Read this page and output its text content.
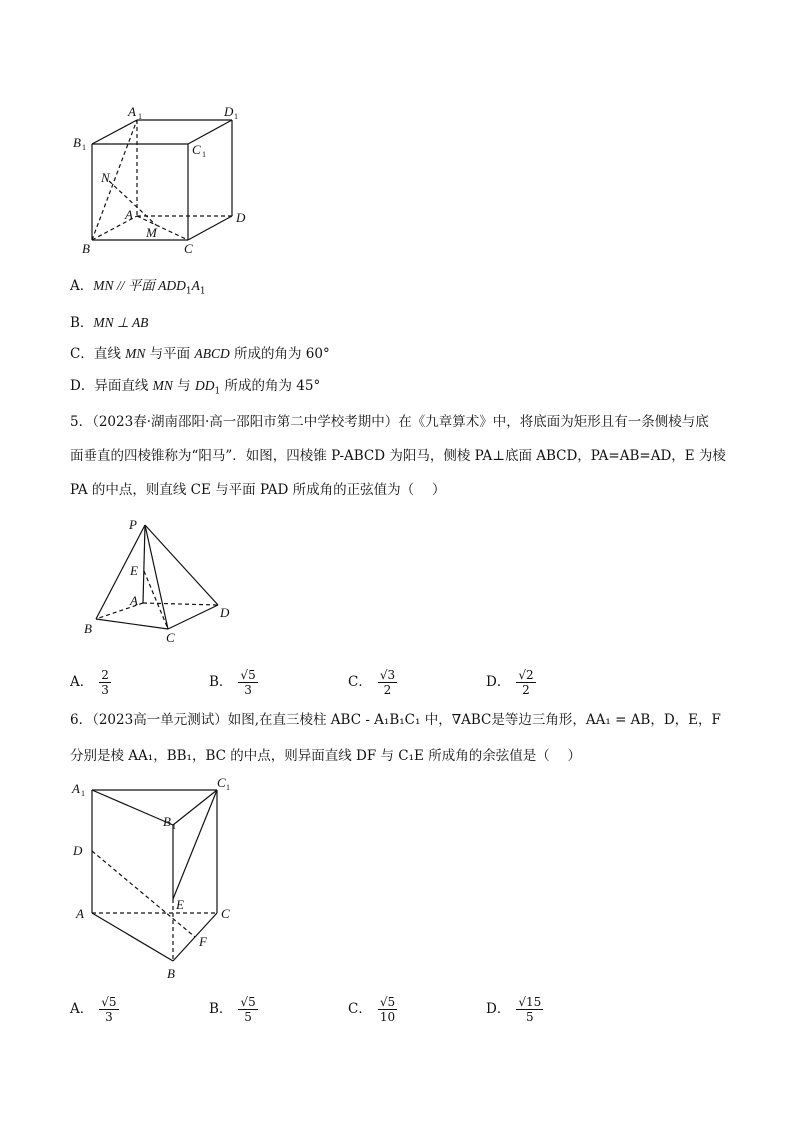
A 1	D 1
B 1	C 1
N
A	D
B
M
C
A．MN // 平面 $ADD_1A_1$
B．MN ⊥ AB
C．直线 MN 与平面 ABCD 所成的角为 60°
D．异面直线 MN 与 $DD_1$ 所成的角为 45°
5．（2023春·湖南邵阳·高一邵阳市第二中学校考期中）在《九章算术》中，将底面为矩形且有一条侧棱与底
面垂直的四棱锥称为“阳马”．如图，四棱锥 P-ABCD 为阳马，侧棱 PA⊥底面 ABCD，PA=AB=AD，E 为棱
PA 的中点，则直线 CE 与平面 PAD 所成角的正弦值为（　 ）
P
E
A
D
B
C
A． $\frac{2}{3}$	B． $\frac{√5}{3}$	C． $\frac{√3}{2}$	D． $\frac{√2}{2}$
6．（2023高一单元测试）如图,在直三棱柱 ABC - A₁B₁C₁ 中，∇ABC是等边三角形，AA₁ = AB，D，E，F
分别是棱 AA₁，BB₁，BC 的中点，则异面直线 DF 与 C₁E 所成角的余弦值是（　 ）
A 1
C 1
B 1
D
E
A	C
F
B
A． $\frac{√5}{3}$	B． $\frac{√5}{5}$	C． $\frac{√5}{10}$	D． $\frac{√15}{5}$
